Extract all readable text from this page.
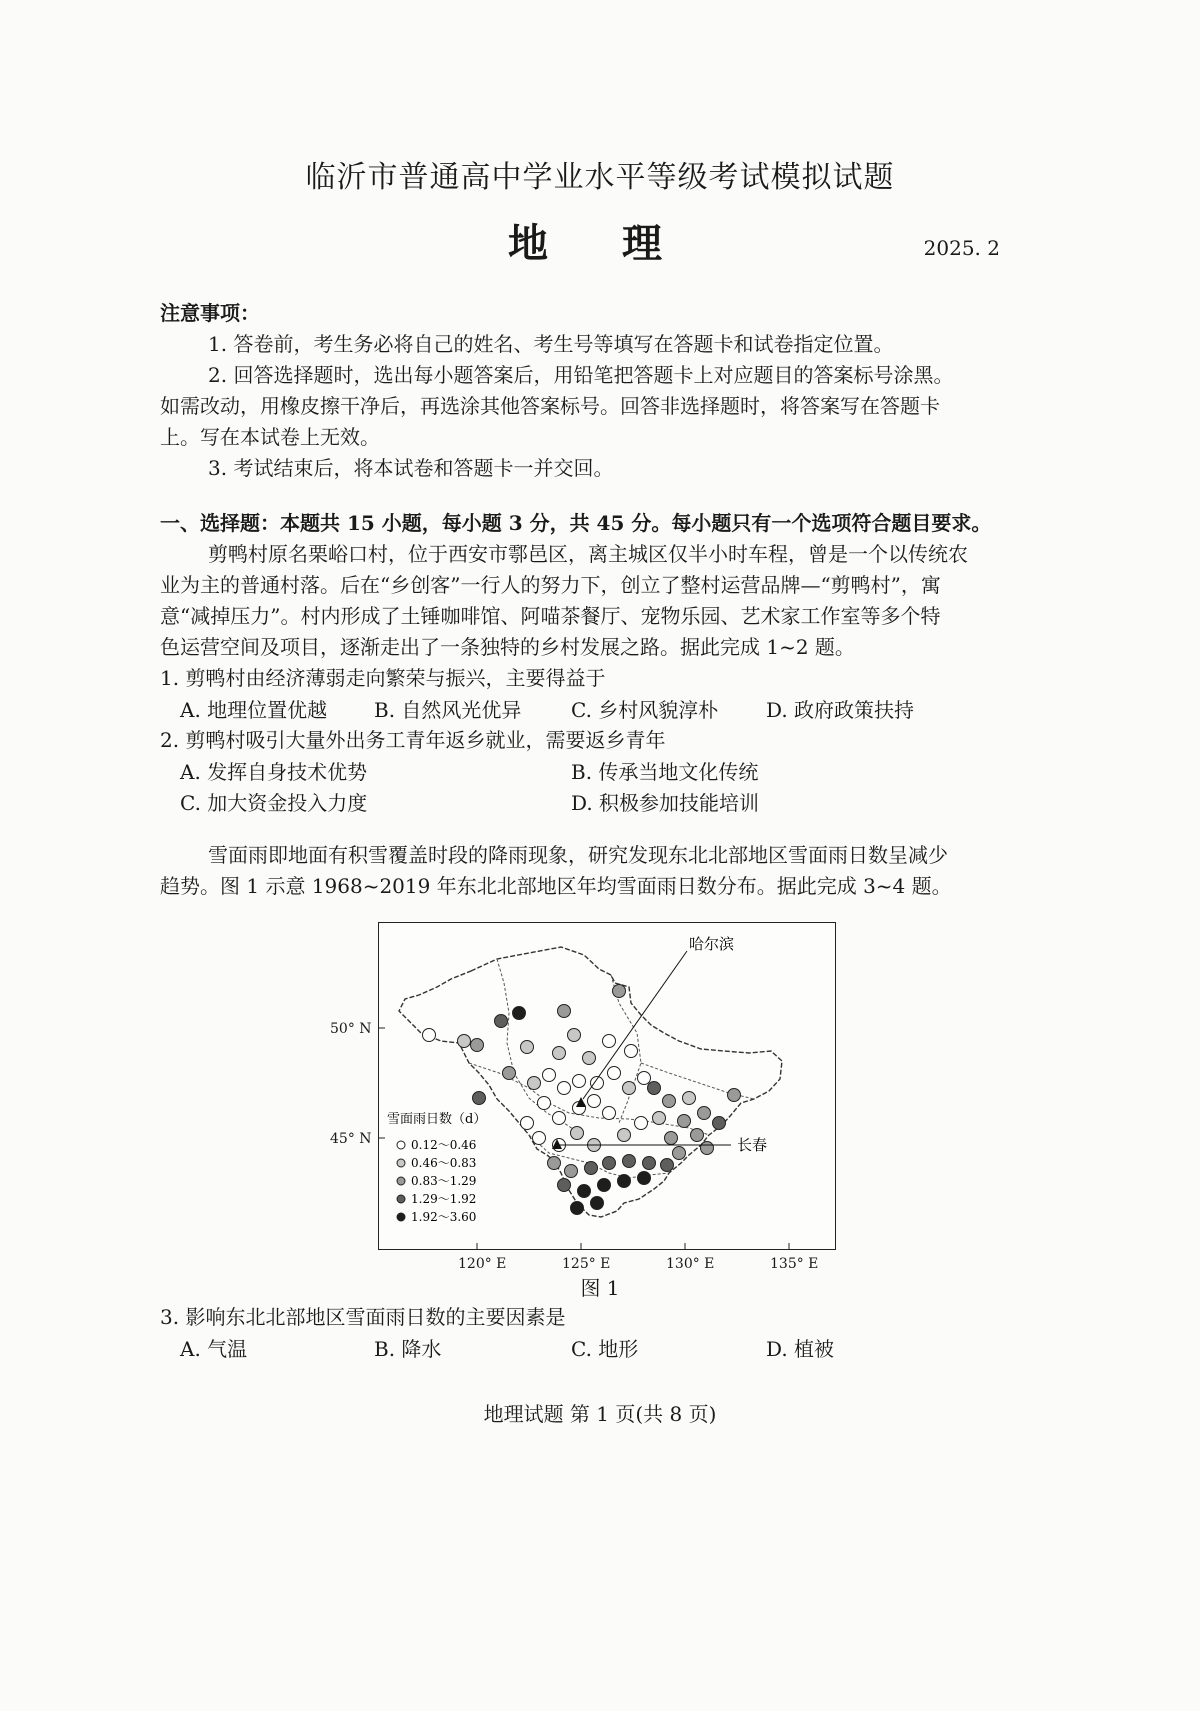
临沂市普通高中学业水平等级考试模拟试题
地 理	2025. 2
注意事项：
1. 答卷前，考生务必将自己的姓名、考生号等填写在答题卡和试卷指定位置。
2. 回答选择题时，选出每小题答案后，用铅笔把答题卡上对应题目的答案标号涂黑。
如需改动，用橡皮擦干净后，再选涂其他答案标号。回答非选择题时，将答案写在答题卡
上。写在本试卷上无效。
3. 考试结束后，将本试卷和答题卡一并交回。
一、选择题：本题共 15 小题，每小题 3 分，共 45 分。每小题只有一个选项符合题目要求。
剪鸭村原名栗峪口村，位于西安市鄠邑区，离主城区仅半小时车程，曾是一个以传统农
业为主的普通村落。后在“乡创客”一行人的努力下，创立了整村运营品牌—“剪鸭村”，寓
意“减掉压力”。村内形成了土锤咖啡馆、阿喵茶餐厅、宠物乐园、艺术家工作室等多个特
色运营空间及项目，逐渐走出了一条独特的乡村发展之路。据此完成 1~2 题。
1. 剪鸭村由经济薄弱走向繁荣与振兴，主要得益于
A. 地理位置优越 B. 自然风光优异 C. 乡村风貌淳朴 D. 政府政策扶持
2. 剪鸭村吸引大量外出务工青年返乡就业，需要返乡青年
A. 发挥自身技术优势	B. 传承当地文化传统
C. 加大资金投入力度	D. 积极参加技能培训
雪面雨即地面有积雪覆盖时段的降雨现象，研究发现东北北部地区雪面雨日数呈减少
趋势。图 1 示意 1968~2019 年东北北部地区年均雪面雨日数分布。据此完成 3~4 题。
50° N
45° N
哈尔滨
长春
雪面雨日数（d）
0.12～0.46
0.46～0.83
0.83～1.29
1.29～1.92
1.92～3.60
120° E	125° E	130° E	135° E
图 1
3. 影响东北北部地区雪面雨日数的主要因素是
A. 气温	B. 降水	C. 地形	D. 植被
地理试题 第 1 页(共 8 页)
